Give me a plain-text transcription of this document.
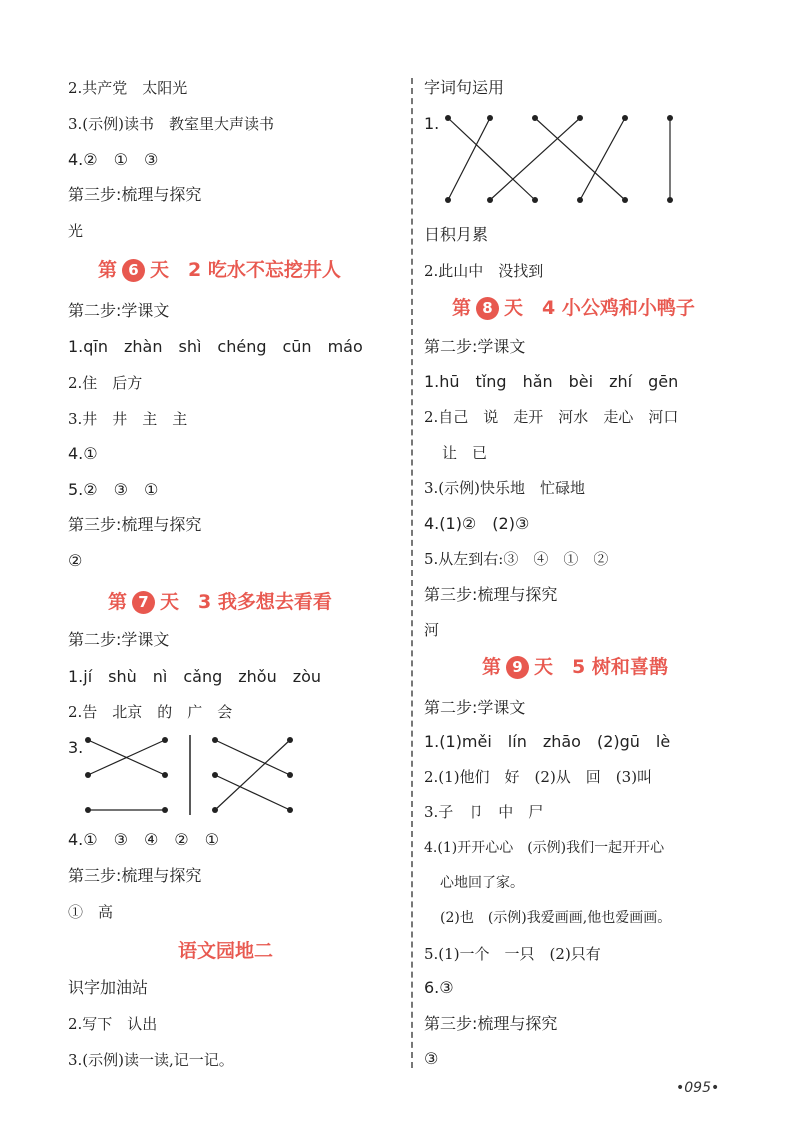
2.共产党　太阳光
3.(示例)读书　教室里大声读书
4.②　①　③
第三步:梳理与探究
光
第 6 天　2 吃水不忘挖井人
第二步:学课文
1.qīn　zhàn　shì　chéng　cūn　máo
2.住　后方
3.井　井　主　主
4.①
5.②　③　①
第三步:梳理与探究
②
第 7 天　3 我多想去看看
第二步:学课文
1.jí　shù　nì　cǎng　zhǒu　zòu
2.告　北京　的　广　会
3.
4.①　③　④　②　①
第三步:梳理与探究
①　高
语文园地二
识字加油站
2.写下　认出
3.(示例)读一读,记一记。
字词句运用
1.
日积月累
2.此山中　没找到
第 8 天　4 小公鸡和小鸭子
第二步:学课文
1.hū　tǐng　hǎn　bèi　zhí　gēn
2.自己　说　走开　河水　走心　河口
让　已
3.(示例)快乐地　忙碌地
4.(1)②　(2)③
5.从左到右:③　④　①　②
第三步:梳理与探究
河
第 9 天　5 树和喜鹊
第二步:学课文
1.(1)měi　lín　zhāo　(2)gū　lè
2.(1)他们　好　(2)从　回　(3)叫
3.子　卩　中　尸
4.(1)开开心心　(示例)我们一起开开心
心地回了家。
(2)也　(示例)我爱画画,他也爱画画。
5.(1)一个　一只　(2)只有
6.③
第三步:梳理与探究
③
•095•
